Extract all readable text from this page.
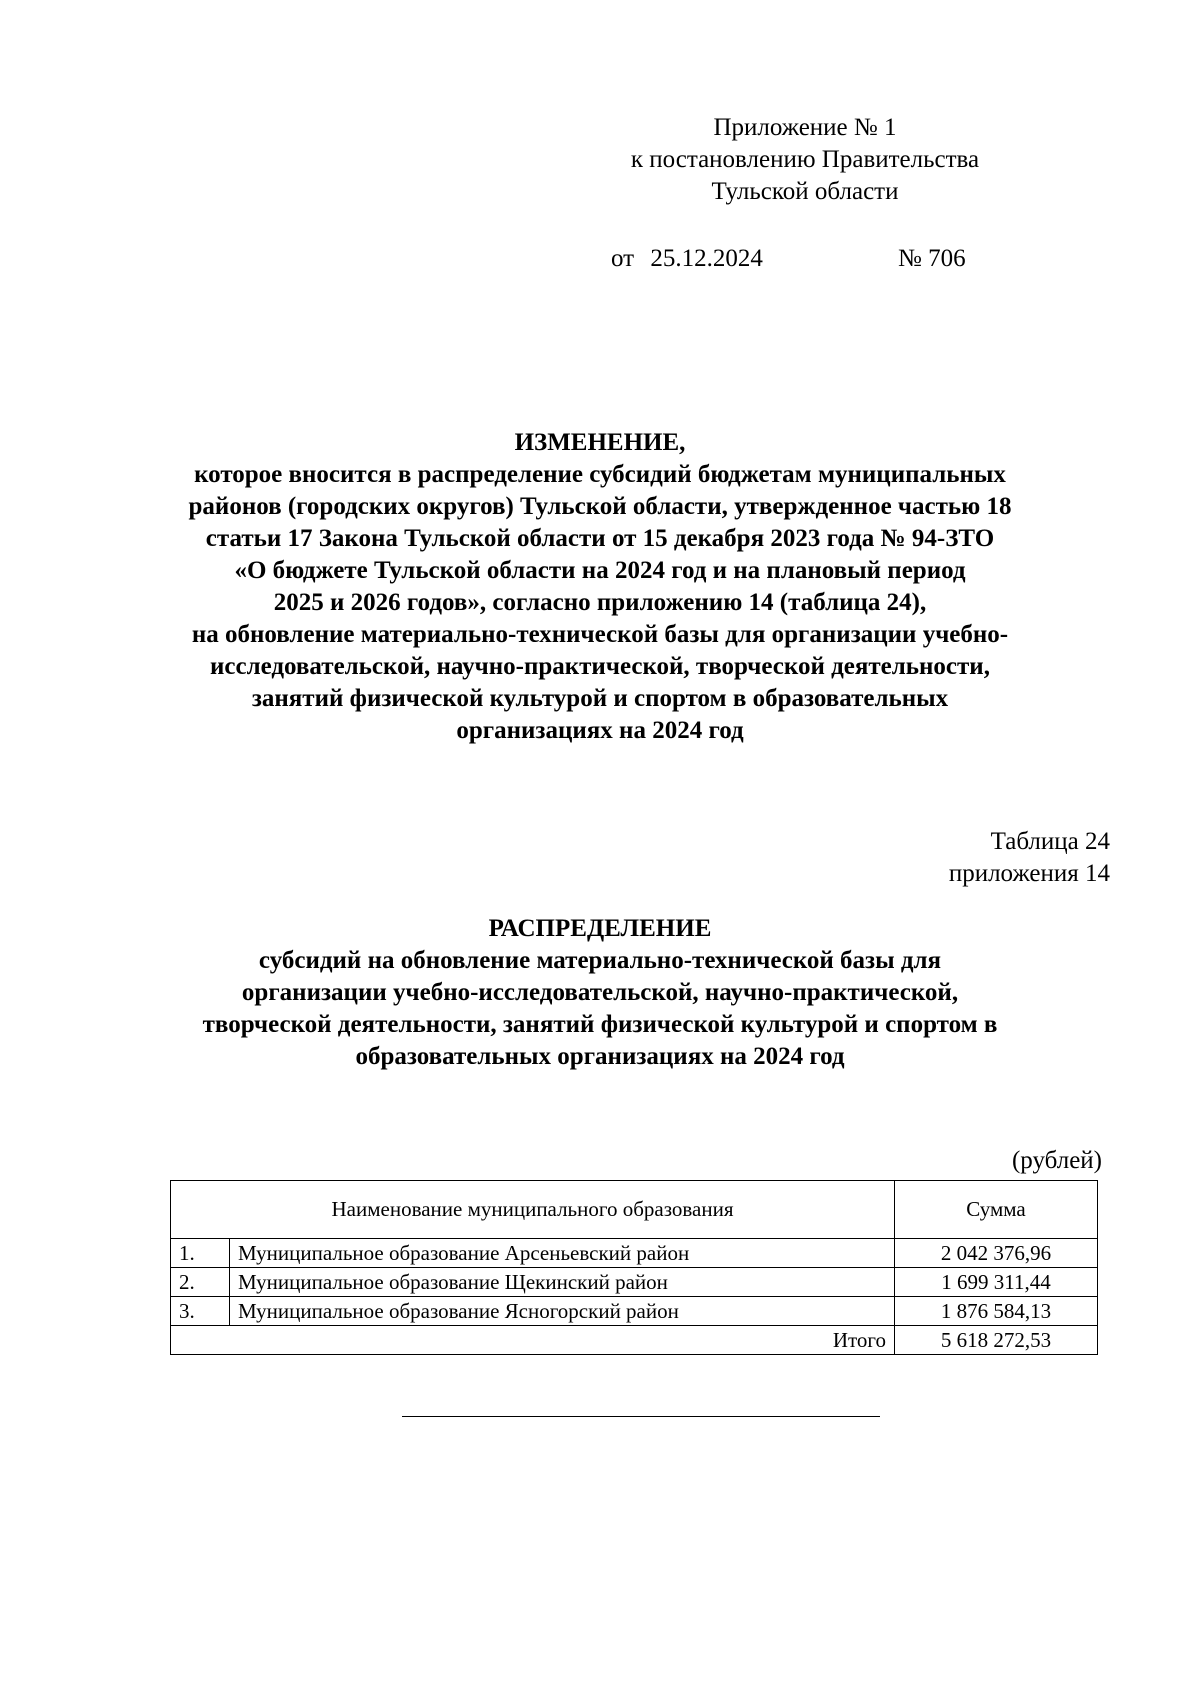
Приложение № 1
к постановлению Правительства
Тульской области
от 25.12.2024	№ 706
ИЗМЕНЕНИЕ,
которое вносится в распределение субсидий бюджетам муниципальных
районов (городских округов) Тульской области, утвержденное частью 18
статьи 17 Закона Тульской области от 15 декабря 2023 года № 94-ЗТО
«О бюджете Тульской области на 2024 год и на плановый период
2025 и 2026 годов», согласно приложению 14 (таблица 24),
на обновление материально-технической базы для организации учебно-
исследовательской, научно-практической, творческой деятельности,
занятий физической культурой и спортом в образовательных
организациях на 2024 год
Таблица 24
приложения 14
РАСПРЕДЕЛЕНИЕ
субсидий на обновление материально-технической базы для
организации учебно-исследовательской, научно-практической,
творческой деятельности, занятий физической культурой и спортом в
образовательных организациях на 2024 год
(рублей)
Наименование муниципального образования		Сумма
1.	Муниципальное образование Арсеньевский район	2 042 376,96
2.	Муниципальное образование Щекинский район	1 699 311,44
3.	Муниципальное образование Ясногорский район	1 876 584,13
Итого		5 618 272,53
